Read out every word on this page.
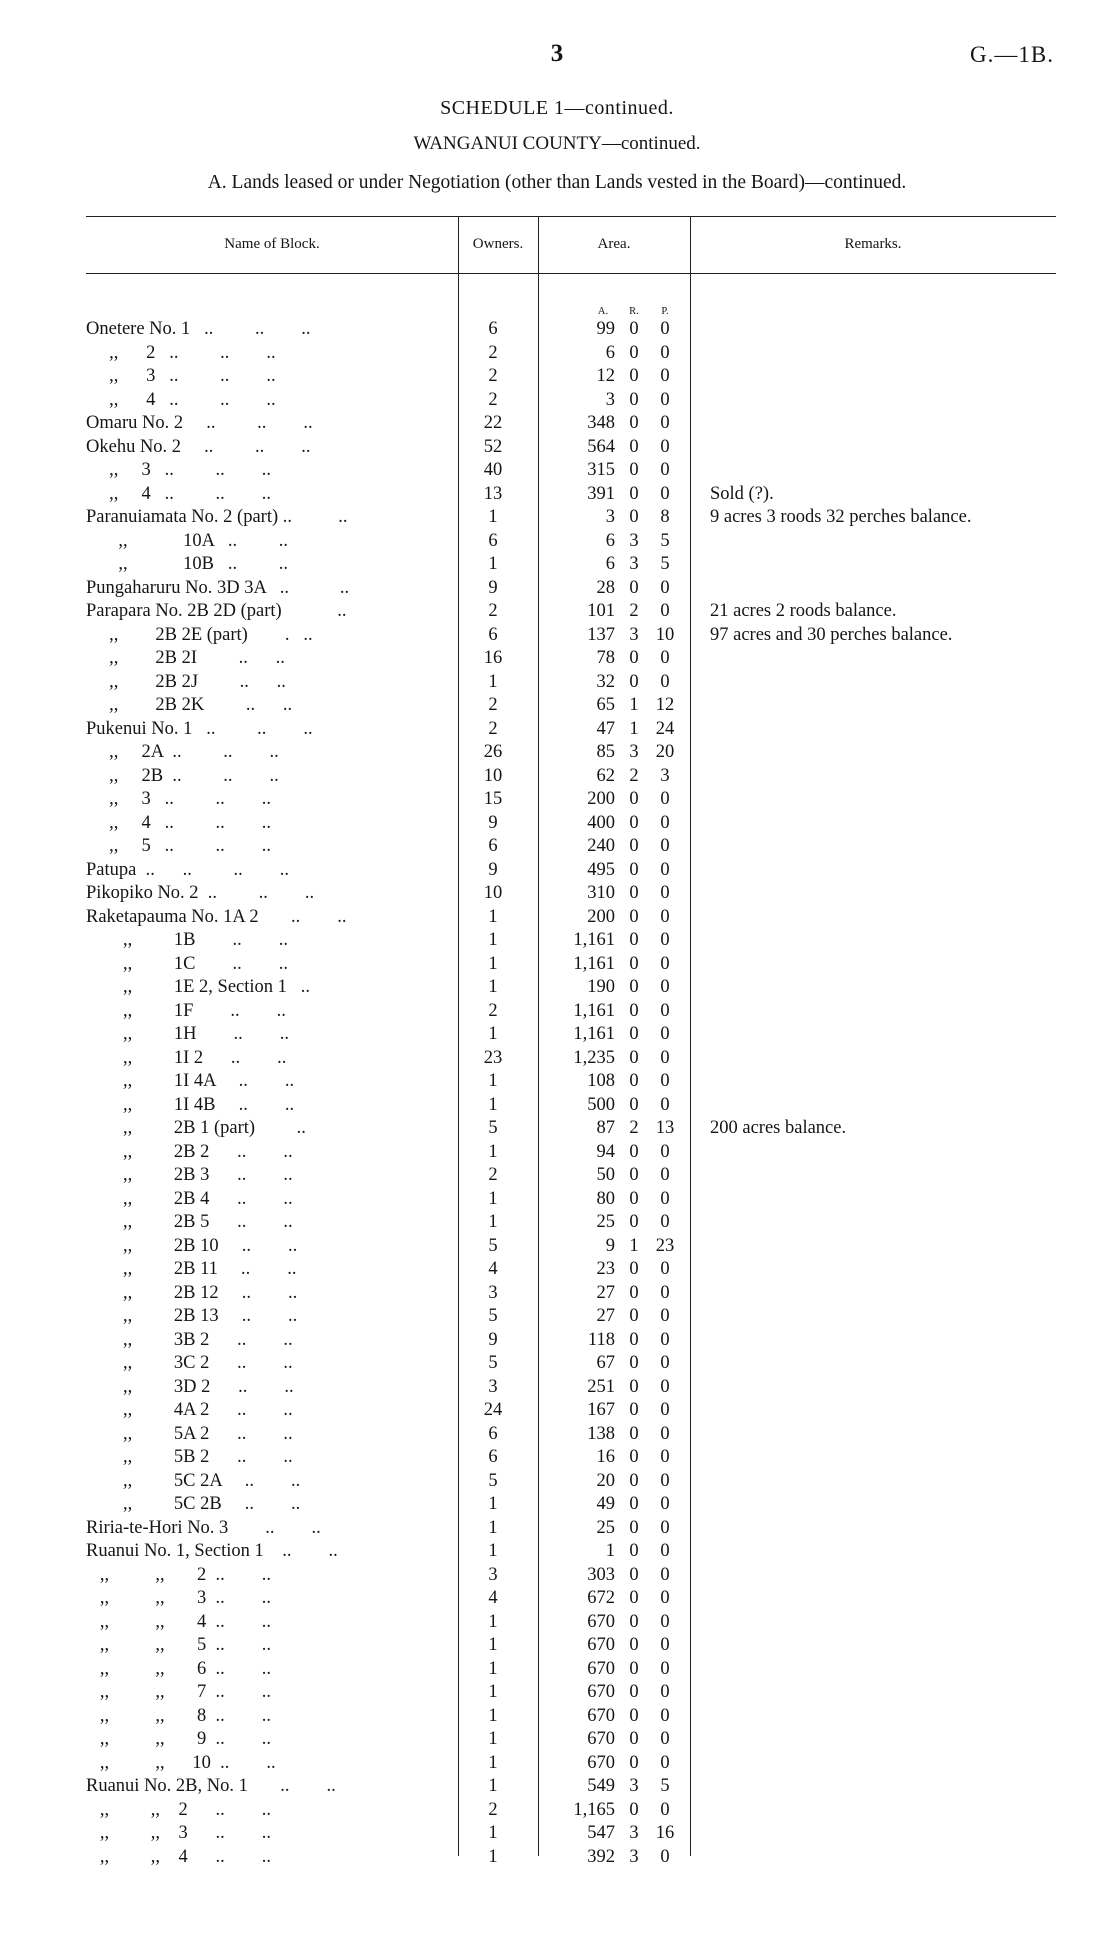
3	G.—1B.
SCHEDULE 1—continued.
WANGANUI COUNTY—continued.
A. Lands leased or under Negotiation (other than Lands vested in the Board)—continued.
Name of Block.	Owners.	Area.	Remarks.
A.	R.	P.
Onetere No. 1   ..         ..        ..	6	99 0	0
,,      2   ..         ..        ..	2	6 0	0
,,      3   ..         ..        ..	2	12 0	0
,,      4   ..         ..        ..	2	3 0	0
Omaru No. 2     ..         ..        ..	22	348 0	0
Okehu No. 2     ..         ..        ..	52	564 0	0
,,     3   ..         ..        ..	40	315 0	0
,,     4   ..         ..        ..	13	391 0	0	Sold (?).
Paranuiamata No. 2 (part) ..          ..	1	3 0	8	9 acres 3 roods 32 perches balance.
,,            10A   ..         ..	6	6 3	5
,,            10B   ..         ..	1	6 3	5
Pungaharuru No. 3D 3A   ..           ..	9	28 0	0
Parapara No. 2B 2D (part)            ..	2	101 2	0	21 acres 2 roods balance.
,,        2B 2E (part)        .   ..	6	137 3 10	97 acres and 30 perches balance.
,,        2B 2I         ..      ..	16	78 0	0
,,        2B 2J         ..      ..	1	32 0	0
,,        2B 2K         ..      ..	2	65 1 12
Pukenui No. 1   ..         ..        ..	2	47 1 24
,,     2A  ..         ..        ..	26	85 3 20
,,     2B  ..         ..        ..	10	62 2	3
,,     3   ..         ..        ..	15	200 0	0
,,     4   ..         ..        ..	9	400 0	0
,,     5   ..         ..        ..	6	240 0	0
Patupa  ..      ..         ..        ..	9	495 0	0
Pikopiko No. 2  ..         ..        ..	10	310 0	0
Raketapauma No. 1A 2       ..        ..	1	200 0	0
,,         1B        ..        ..	1	1,161 0	0
,,         1C        ..        ..	1	1,161 0	0
,,         1E 2, Section 1   ..	1	190 0	0
,,         1F        ..        ..	2	1,161 0	0
,,         1H        ..        ..	1	1,161 0	0
,,         1I 2      ..        ..	23	1,235 0	0
,,         1I 4A     ..        ..	1	108 0	0
,,         1I 4B     ..        ..	1	500 0	0
,,         2B 1 (part)         ..	5	87 2 13	200 acres balance.
,,         2B 2      ..        ..	1	94 0	0
,,         2B 3      ..        ..	2	50 0	0
,,         2B 4      ..        ..	1	80 0	0
,,         2B 5      ..        ..	1	25 0	0
,,         2B 10     ..        ..	5	9 1 23
,,         2B 11     ..        ..	4	23 0	0
,,         2B 12     ..        ..	3	27 0	0
,,         2B 13     ..        ..	5	27 0	0
,,         3B 2      ..        ..	9	118 0	0
,,         3C 2      ..        ..	5	67 0	0
,,         3D 2      ..        ..	3	251 0	0
,,         4A 2      ..        ..	24	167 0	0
,,         5A 2      ..        ..	6	138 0	0
,,         5B 2      ..        ..	6	16 0	0
,,         5C 2A     ..        ..	5	20 0	0
,,         5C 2B     ..        ..	1	49 0	0
Riria-te-Hori No. 3        ..        ..	1	25 0	0
Ruanui No. 1, Section 1    ..        ..	1	1 0	0
,,          ,,       2  ..        ..	3	303 0	0
,,          ,,       3  ..        ..	4	672 0	0
,,          ,,       4  ..        ..	1	670 0	0
,,          ,,       5  ..        ..	1	670 0	0
,,          ,,       6  ..        ..	1	670 0	0
,,          ,,       7  ..        ..	1	670 0	0
,,          ,,       8  ..        ..	1	670 0	0
,,          ,,       9  ..        ..	1	670 0	0
,,          ,,      10  ..        ..	1	670 0	0
Ruanui No. 2B, No. 1       ..        ..	1	549 3	5
,,         ,,    2      ..        ..	2	1,165 0	0
,,         ,,    3      ..        ..	1	547 3 16
,,         ,,    4      ..        ..	1	392 3	0
